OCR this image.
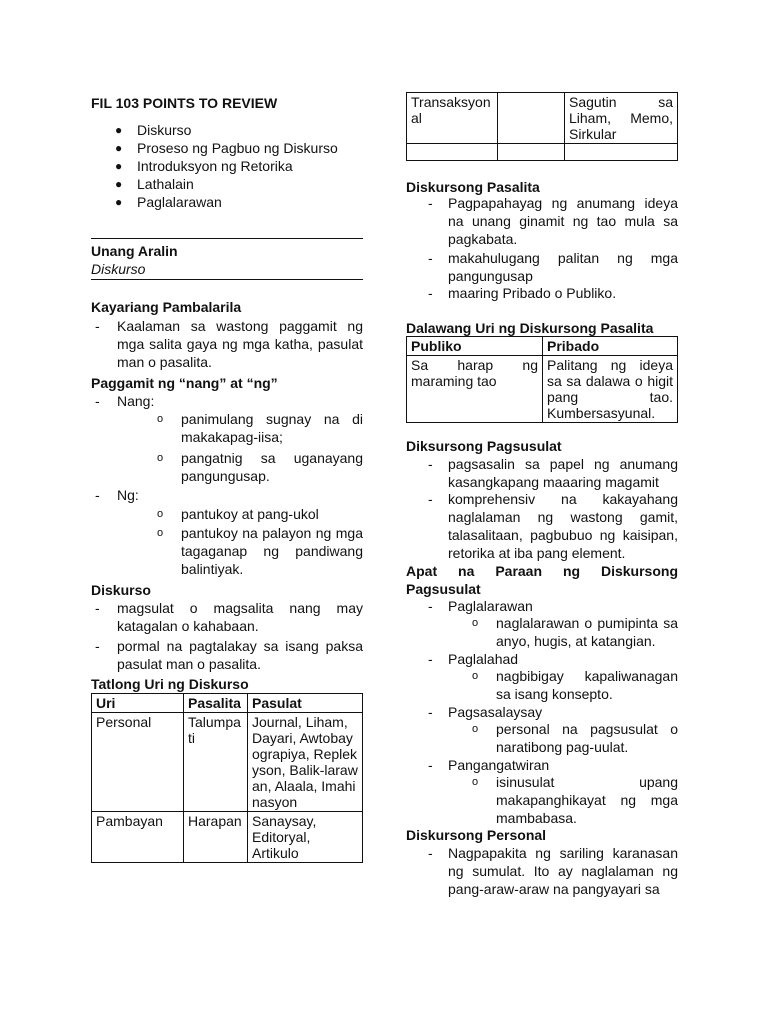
FIL 103 POINTS TO REVIEW

●	Diskurso
●	Proseso ng Pagbuo ng Diskurso
●	Introduksyon ng Retorika
●	Lathalain
●	Paglalarawan

Unang Aralin

Diskurso

Kayariang Pambalarila

-	Kaalaman sa wastong paggamit ng mga salita gaya ng mga katha, pasulat man o pasalita.

Paggamit ng “nang” at “ng”

-	Nang:
o	panimulang sugnay na di makakapag-iisa;
o	pangatnig sa uganayang pangungusap.
-	Ng:
o	pantukoy at pang-ukol
o	pantukoy na palayon ng mga tagaganap ng pandiwang balintiyak.

Diskurso

-	magsulat o magsalita nang may katagalan o kahabaan.
-	pormal na pagtalakay sa isang paksa pasulat man o pasalita.

Tatlong Uri ng Diskurso

Uri	Pasalita	Pasulat
Personal	Talumpati	Journal, Liham, Dayari, Awtobayograpiya, Replekyson, Balik-larawan, Alaala, Imahinasyon
Pambayan	Harapan	Sanaysay, Editoryal, Artikulo
Transaksyonal		Sagutin sa Liham, Memo, Sirkular

Diskursong Pasalita

-	Pagpapahayag ng anumang ideya na unang ginamit ng tao mula sa pagkabata.
-	makahulugang palitan ng mga pangungusap
-	maaring Pribado o Publiko.

Dalawang Uri ng Diskursong Pasalita

Publiko	Pribado
Sa harap ng maraming tao	Palitang ng ideya sa sa dalawa o higit pang tao. Kumbersasyunal.

Diksursong Pagsusulat

-	pagsasalin sa papel ng anumang kasangkapang maaaring magamit
-	komprehensiv na kakayahang naglalaman ng wastong gamit, talasalitaan, pagbubuo ng kaisipan, retorika at iba pang element.

Apat na Paraan ng Diskursong Pagsusulat

-	Paglalarawan
o	naglalarawan o pumipinta sa anyo, hugis, at katangian.
-	Paglalahad
o	nagbibigay kapaliwanagan sa isang konsepto.
-	Pagsasalaysay
o	personal na pagsusulat o naratibong pag-uulat.
-	Pangangatwiran
o	isinusulat upang makapanghikayat ng mga mambabasa.

Diskursong Personal

-	Nagpapakita ng sariling karanasan ng sumulat. Ito ay naglalaman ng pang-araw-araw na pangyayari sa
